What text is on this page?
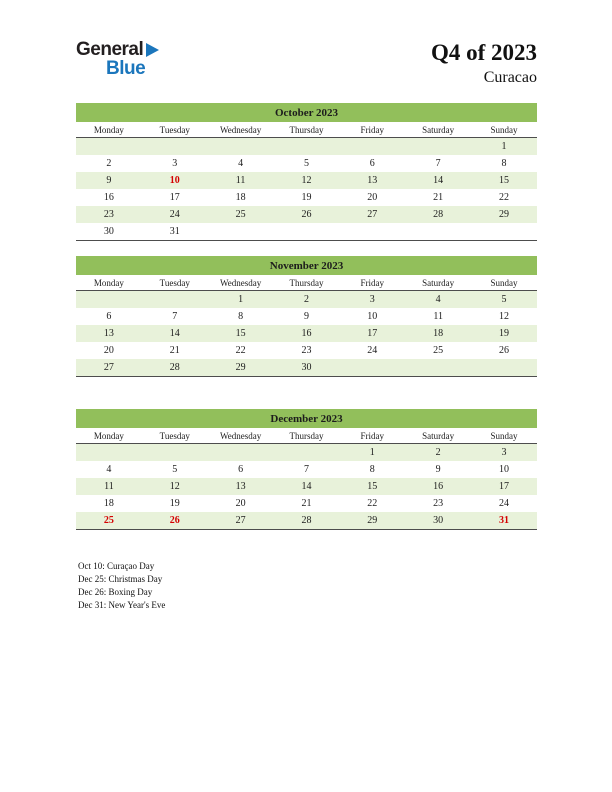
General
Blue
Q4 of 2023
Curacao
October 2023						
Monday	Tuesday	Wednesday	Thursday	Friday	Saturday	Sunday
						1
2	3	4	5	6	7	8
9	10	11	12	13	14	15
16	17	18	19	20	21	22
23	24	25	26	27	28	29
30	31					
November 2023						
Monday	Tuesday	Wednesday	Thursday	Friday	Saturday	Sunday
		1	2	3	4	5
6	7	8	9	10	11	12
13	14	15	16	17	18	19
20	21	22	23	24	25	26
27	28	29	30			
December 2023						
Monday	Tuesday	Wednesday	Thursday	Friday	Saturday	Sunday
				1	2	3
4	5	6	7	8	9	10
11	12	13	14	15	16	17
18	19	20	21	22	23	24
25	26	27	28	29	30	31
Oct 10: Curaçao Day
Dec 25: Christmas Day
Dec 26: Boxing Day
Dec 31: New Year's Eve
